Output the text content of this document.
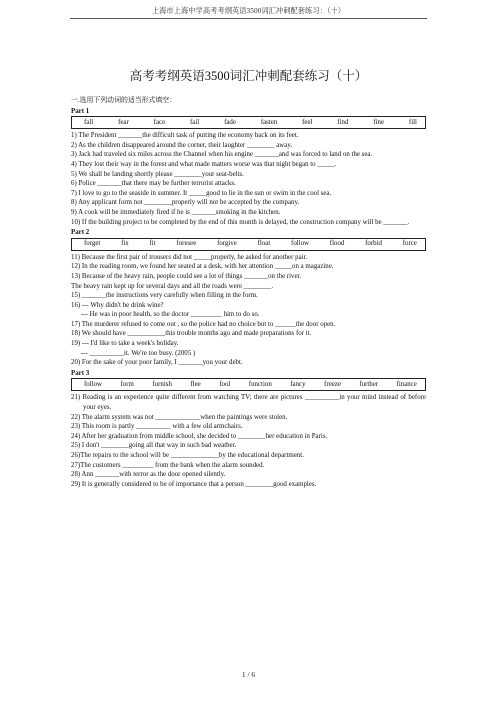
上海市上海中学高考考纲英语3500词汇冲刺配套练习：（十）
高考考纲英语3500词汇冲刺配套练习（十）
一.选用下列动词的适当形式填空：
Part 1
fall	fear	face	fail	fade	fasten	feel	find	fine	fill
1) The President _______the difficult task of putting the economy back on its feet.
2) As the children disappeared around the corner, their laughter ________ away.
3) Jack had traveled six miles across the Channel when his engine _______and was forced to land on the sea.
4) They lost their way in the forest and what made matters worse was that night began to _____.
5) We shall be landing shortly please ________your seat-belts.
6) Police _______that there may be further terrorist attacks.
7) I love to go to the seaside in summer. It _____good to lie in the sun or swim in the cool sea.
8) Any applicant form not ________properly will not be accepted by the company.
9) A cook will be immediately fired if he is _______smoking in the kitchen.
10) If the building project to be completed by the end of this month is delayed, the construction company will be _______.
Part 2
forget	fix	fit	foresee	forgive	float	follow	flood	forbid	force
11) Because the first pair of trousers did not _____properly, he asked for another pair.
12) In the reading room, we found her seated at a desk, with her attention _____on a magazine.
13) Because of the heavy rain, people could see a lot of things _______on the river.
The heavy rain kept up for several days and all the roads were ________.
15) _______the instructions very carefully when filling in the form.
16) --- Why didn't he drink wine?
--- He was in poor health, so the doctor _________ him to do so.
17) The murderer refused to come out , so the police had no choice but to ______the door open.
18) We should have ___________this trouble months ago and made preparations for it.
19) --- I'd like to take a week's holiday.
--- __________it. We're too busy. (2005 )
20) For the sake of your poor family, I _______you your debt.
Part 3
follow	form	furnish	flee	fool	function	fancy	freeze	further	finance
21) Reading is an experience quite different from watching TV; there are pictures __________in your mind instead of before your eyes.
22) The alarm system was not _____________when the paintings were stolen.
23) This room is partly __________ with a few old armchairs.
24) After her graduation from middle school, she decided to ________her education in Paris.
25) I don't ________going all that way in such bad weather.
26)The repairs to the school will be ______________by the educational department.
27)The customers _________ from the bank when the alarm sounded.
28) Ann _______with terror as the door opened silently.
29) It is generally considered to be of importance that a person ________good examples.
1 / 6
